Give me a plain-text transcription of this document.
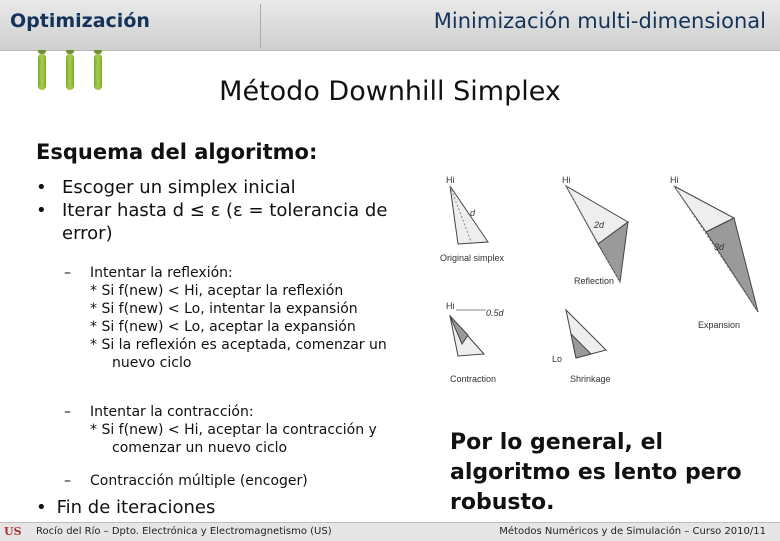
Optimización	Minimización multi-dimensional
Método Downhill Simplex
Esquema del algoritmo:
• Escoger un simplex inicial
• Iterar hasta d ≤ ε (ε = tolerancia de error)
– Intentar la reflexión:
* Si f(new) < Hi, aceptar la reflexión
* Si f(new) < Lo, intentar la expansión
* Si f(new) < Lo, aceptar la expansión
* Si la reflexión es aceptada, comenzar un
nuevo ciclo
– Intentar la contracción:
* Si f(new) < Hi, aceptar la contracción y
comenzar un nuevo ciclo
– Contracción múltiple (encoger)
• Fin de iteraciones
Por lo general, el algoritmo es lento pero robusto.
Hi
d
Original simplex
Hi
2d
Reflection
Hi
3d
Expansion
Hi
0.5d
Contraction
Lo
Shrinkage
US Rocío del Río – Dpto. Electrónica y Electromagnetismo (US)	Métodos Numéricos y de Simulación – Curso 2010/11
